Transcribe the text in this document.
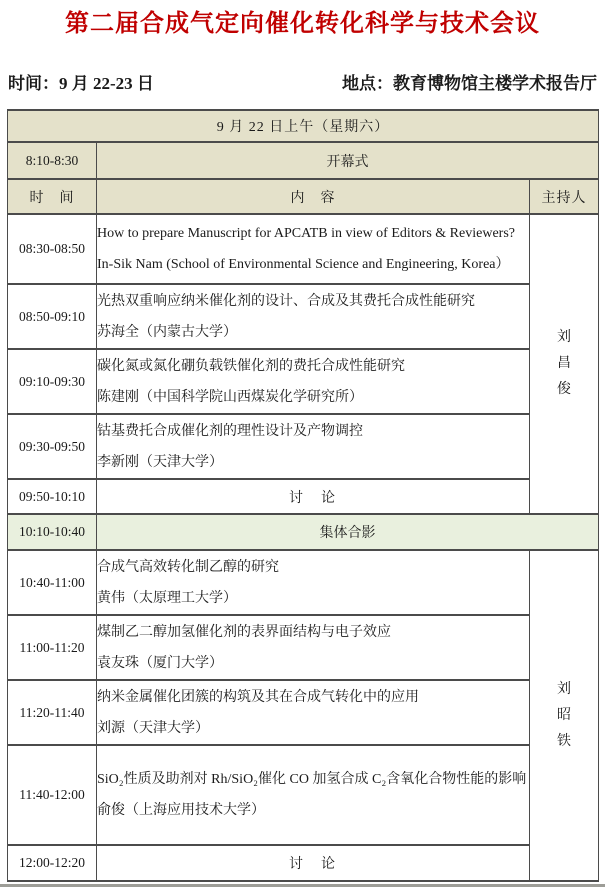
第二届合成气定向催化转化科学与技术会议
时间：9 月 22-23 日	地点：教育博物馆主楼学术报告厅
9 月 22 日上午（星期六）		
8:10-8:30	开幕式	
时　间	内　容	主持人
08:30-08:50	How to prepare Manuscript for APCATB in view of Editors & Reviewers?
In-Sik Nam (School of Environmental Science and Engineering, Korea）	刘昌俊

08:50-09:10	光热双重响应纳米催化剂的设计、合成及其费托合成性能研究
苏海全（内蒙古大学）	

09:10-09:30	碳化氮或氮化硼负载铁催化剂的费托合成性能研究
陈建刚（中国科学院山西煤炭化学研究所）	

09:30-09:50	钴基费托合成催化剂的理性设计及产物调控
李新刚（天津大学）	

09:50-10:10	讨　论	
10:10-10:40	集体合影	
10:40-11:00	合成气高效转化制乙醇的研究
黄伟（太原理工大学）	刘昭铁

11:00-11:20	煤制乙二醇加氢催化剂的表界面结构与电子效应
袁友珠（厦门大学）	

11:20-11:40	纳米金属催化团簇的构筑及其在合成气转化中的应用
刘源（天津大学）	

11:40-12:00	SiO₂性质及助剂对 Rh/SiO₂催化 CO 加氢合成 C₂含氧化合物性能的影响
俞俊（上海应用技术大学）	

12:00-12:20	讨　论	
